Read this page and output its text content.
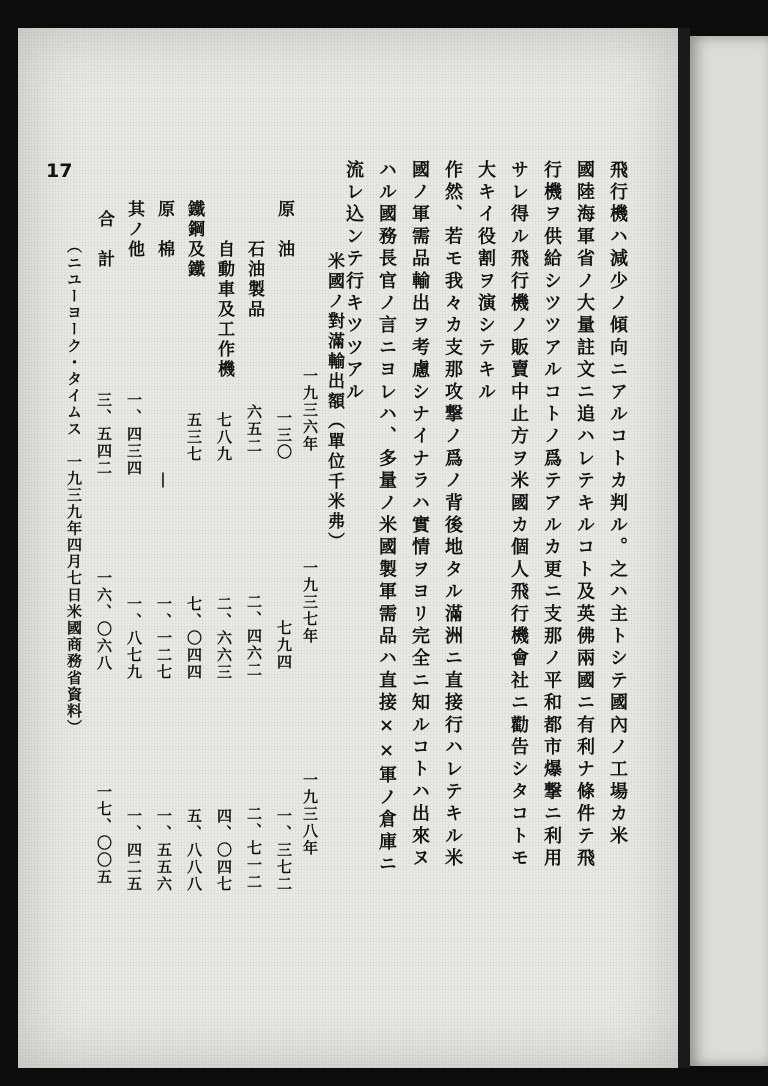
17	飛行機ハ減少ノ傾向ニアルコトカ判ル。之ハ主トシテ國內ノ工場カ米
國陸海軍省ノ大量註文ニ追ハレテキルコト及英佛兩國ニ有利ナ條件テ飛
行機ヲ供給シツツアルコトノ爲テアルカ更ニ支那ノ平和都市爆撃ニ利用
サレ得ル飛行機ノ販賣中止方ヲ米國カ個人飛行機會社ニ勸告シタコトモ
大キイ役割ヲ演シテキル
作然、若モ我々カ支那攻撃ノ爲ノ背後地タル滿洲ニ直接行ハレテキル米
國ノ軍需品輸出ヲ考慮シナイナラハ實情ヲヨリ完全ニ知ルコトハ出來ヌ
ハル國務長官ノ言ニヨレハ、多量ノ米國製軍需品ハ直接××軍ノ倉庫ニ
流レ込ンテ行キツツアル
米國ノ對滿輸出額（單位千米弗）
一九三六年
一九三七年
一九三八年
原　油
一三〇
七九四
一、三七二
石油製品
六五二
二、四六二
二、七一二
自動車及工作機
七八九
二、六六三
四、〇四七
鐵鋼及鐵
五三七
七、〇四四
五、八八八
原　棉
|
一、一二七
一、五五六
其ノ他
一、四三四
一、八七九
一、四二五
合　計
三、五四二
一六、〇六八
一七、〇〇五
（ニユーヨーク・タイムス　一九三九年四月七日米國商務省資料）
